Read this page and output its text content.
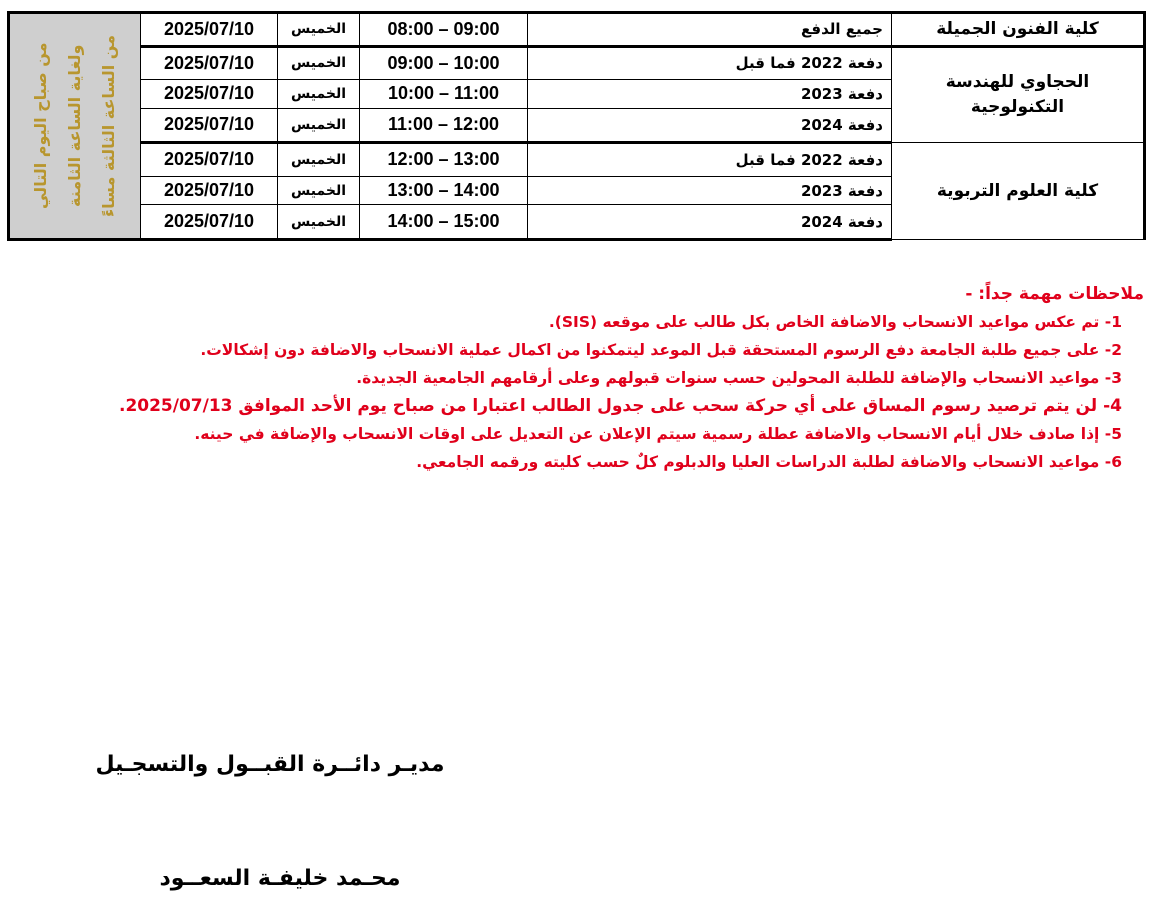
من صباح اليوم التالي ولغاية الساعة الثامنة من الساعة الثالثة مساءً	2025/07/10	الخميس	08:00 – 09:00	جميع الدفع	كلية الفنون الجميلة
	2025/07/10	الخميس	09:00 – 10:00	دفعة 2022 فما قبل	الحجاوي للهندسة التكنولوجية
	2025/07/10	الخميس	10:00 – 11:00	دفعة 2023	
	2025/07/10	الخميس	11:00 – 12:00	دفعة 2024	
	2025/07/10	الخميس	12:00 – 13:00	دفعة 2022 فما قبل	كلية العلوم التربوية
	2025/07/10	الخميس	13:00 – 14:00	دفعة 2023	
	2025/07/10	الخميس	14:00 – 15:00	دفعة 2024	
ملاحظات مهمة جداً: -
1- تم عكس مواعيد الانسحاب والاضافة الخاص بكل طالب على موقعه (SIS).
2- على جميع طلبة الجامعة دفع الرسوم المستحقة قبل الموعد ليتمكنوا من اكمال عملية الانسحاب والاضافة دون إشكالات.
3- مواعيد الانسحاب والإضافة للطلبة المحولين حسب سنوات قبولهم وعلى أرقامهم الجامعية الجديدة.
4- لن يتم ترصيد رسوم المساق على أي حركة سحب على جدول الطالب اعتبارا من صباح يوم الأحد الموافق 2025/07/13.
5- إذا صادف خلال أيام الانسحاب والاضافة عطلة رسمية سيتم الإعلان عن التعديل على اوقات الانسحاب والإضافة في حينه.
6- مواعيد الانسحاب والاضافة لطلبة الدراسات العليا والدبلوم كلٌ حسب كليته ورقمه الجامعي.
مديـر دائــرة القبــول والتسجـيل
محـمد خليفـة السعــود
